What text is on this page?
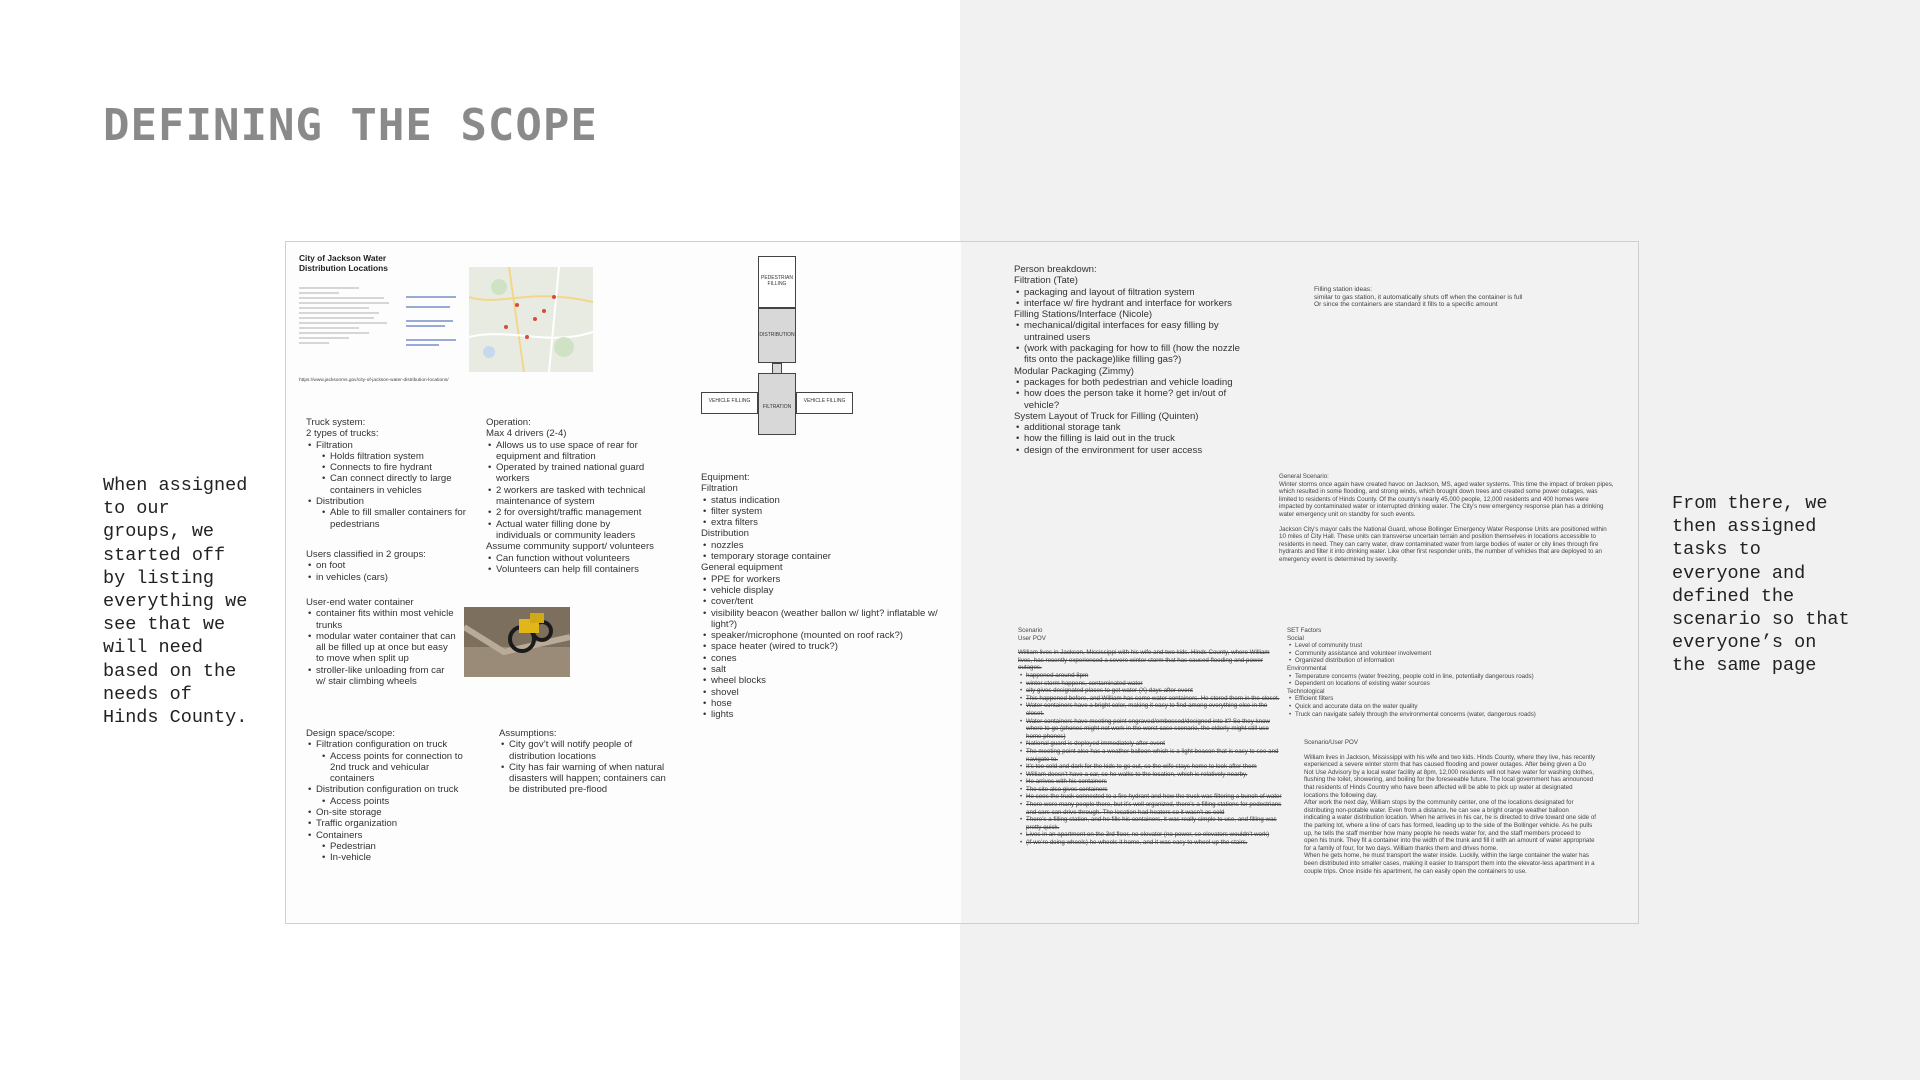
DEFINING THE SCOPE
When assigned
to our
groups, we
started off
by listing
everything we
see that we
will need
based on the
needs of
Hinds County.
From there, we
then assigned
tasks to
everyone and
defined the
scenario so that
everyone’s on
the same page
City of Jackson Water Distribution Locations
https://www.jacksonms.gov/city-of-jackson-water-distribution-locations/
Truck system:
2 types of trucks:
• Filtration
• Holds filtration system
• Connects to fire hydrant
• Can connect directly to large containers in vehicles
• Distribution
• Able to fill smaller containers for pedestrians
Operation:
Max 4 drivers (2-4)
• Allows us to use space of rear for equipment and filtration
• Operated by trained national guard workers
• 2 workers are tasked with technical maintenance of system
• 2 for oversight/traffic management
• Actual water filling done by individuals or community leaders
Assume community support/ volunteers
• Can function without volunteers
• Volunteers can help fill containers
Users classified in 2 groups:
• on foot
• in vehicles (cars)
User-end water container
• container fits within most vehicle trunks
• modular water container that can all be filled up at once but easy to move when split up
• stroller-like unloading from car w/ stair climbing wheels
Design space/scope:
• Filtration configuration on truck
• Access points for connection to 2nd truck and vehicular containers
• Distribution configuration on truck
• Access points
• On-site storage
• Traffic organization
• Containers
• Pedestrian
• In-vehicle
Assumptions:
• City gov’t will notify people of distribution locations
• City has fair warning of when natural disasters will happen; containers can be distributed pre-flood
PEDESTRIAN FILLING
DISTRIBUTION
FILTRATION
VEHICLE FILLING	VEHICLE FILLING
Equipment:
Filtration
• status indication
• filter system
• extra filters
Distribution
• nozzles
• temporary storage container
General equipment
• PPE for workers
• vehicle display
• cover/tent
• visibility beacon (weather ballon w/ light? inflatable w/ light?)
• speaker/microphone (mounted on roof rack?)
• space heater (wired to truck?)
• cones
• salt
• wheel blocks
• shovel
• hose
• lights
Person breakdown:
Filtration (Tate)
• packaging and layout of filtration system
• interface w/ fire hydrant and interface for workers
Filling Stations/Interface (Nicole)
• mechanical/digital interfaces for easy filling by untrained users
• (work with packaging for how to fill (how the nozzle fits onto the package)like filling gas?)
Modular Packaging (Zimmy)
• packages for both pedestrian and vehicle loading
• how does the person take it home? get in/out of vehicle?
System Layout of Truck for Filling (Quinten)
• additional storage tank
• how the filling is laid out in the truck
• design of the environment for user access
Filling station ideas:
similar to gas station, it automatically shuts off when the container is full
Or since the containers are standard it fills to a specific amount
General Scenario:
Winter storms once again have created havoc on Jackson, MS, aged water systems. This time the impact of broken pipes, which resulted in some flooding, and strong winds, which brought down trees and created some power outages, was limited to residents of Hinds County. Of the county’s nearly 45,000 people, 12,000 residents and 400 homes were impacted by contaminated water or interrupted drinking water. The City’s new emergency response plan has a drinking water emergency unit on standby for such events.
Jackson City’s mayor calls the National Guard, whose Bollinger Emergency Water Response Units are positioned within 10 miles of City Hall. These units can transverse uncertain terrain and position themselves in locations accessible to residents in need. They can carry water, draw contaminated water from large bodies of water or city lines through fire hydrants and filter it into drinking water. Like other first responder units, the number of vehicles that are deployed to an emergency event is determined by severity.
Scenario
User POV
William lives in Jackson, Mississippi with his wife and two kids. Hinds County, where William lives, has recently experienced a severe winter storm that has caused flooding and power outages.
• happened around 8pm
• winter storm happens, contaminated water
• city gives designated places to get water (X) days after event
• This happened before, and William has some water containers. He stored them in the closet.
• Water containers have a bright color, making it easy to find among everything else in the closet.
• Water containers have meeting point engraved/embossed/designed into it? So they know where to go (phones might not work in the worst case scenario, the elderly might still use home phones)
• National guard is deployed immediately after event
• The meeting point also has a weather balloon which is a light beacon that is easy to see and navigate to.
• It’s too cold and dark for the kids to go out, so the wife stays home to look after them
• William doesn’t have a car, so he walks to the location, which is relatively nearby.
• He arrives with his containers
• The site also gives containers
• He sees the truck connected to a fire hydrant and how the truck was filtering a bunch of water
• There were many people there, but it’s well organized, there’s a filling stations for pedestrians and cars can drive through. The location had heaters so it wasn’t as cold
• There’s a filling station, and he fills his containers, it was really simple to use, and filling was pretty quick.
• Lives in an apartment on the 3rd floor, no elevator (no power, so elevators wouldn’t work)
• (If we’re doing wheels) he wheels it home, and it was easy to wheel up the stairs.
SET Factors
Social
• Level of community trust
• Community assistance and volunteer involvement
• Organized distribution of information
Environmental
• Temperature concerns (water freezing, people cold in line, potentially dangerous roads)
• Dependent on locations of existing water sources
Technological
• Efficient filters
• Quick and accurate data on the water quality
• Truck can navigate safely through the environmental concerns (water, dangerous roads)
Scenario/User POV
William lives in Jackson, Mississippi with his wife and two kids. Hinds County, where they live, has recently experienced a severe winter storm that has caused flooding and power outages. After being given a Do Not Use Advisory by a local water facility at 8pm, 12,000 residents will not have water for washing clothes, flushing the toilet, showering, and boiling for the foreseeable future. The local government has announced that residents of Hinds Country who have been affected will be able to pick up water at designated locations the following day.
After work the next day, William stops by the community center, one of the locations designated for distributing non-potable water. Even from a distance, he can see a bright orange weather balloon indicating a water distribution location. When he arrives in his car, he is directed to drive toward one side of the parking lot, where a line of cars has formed, leading up to the side of the Bollinger vehicle. As he pulls up, he tells the staff member how many people he needs water for, and the staff members proceed to open his trunk. They fit a container into the width of the trunk and fill it with an amount of water appropriate for a family of four, for two days. William thanks them and drives home.
When he gets home, he must transport the water inside. Luckily, within the large container the water has been distributed into smaller cases, making it easier to transport them into the elevator-less apartment in a couple trips. Once inside his apartment, he can easily open the containers to use.
